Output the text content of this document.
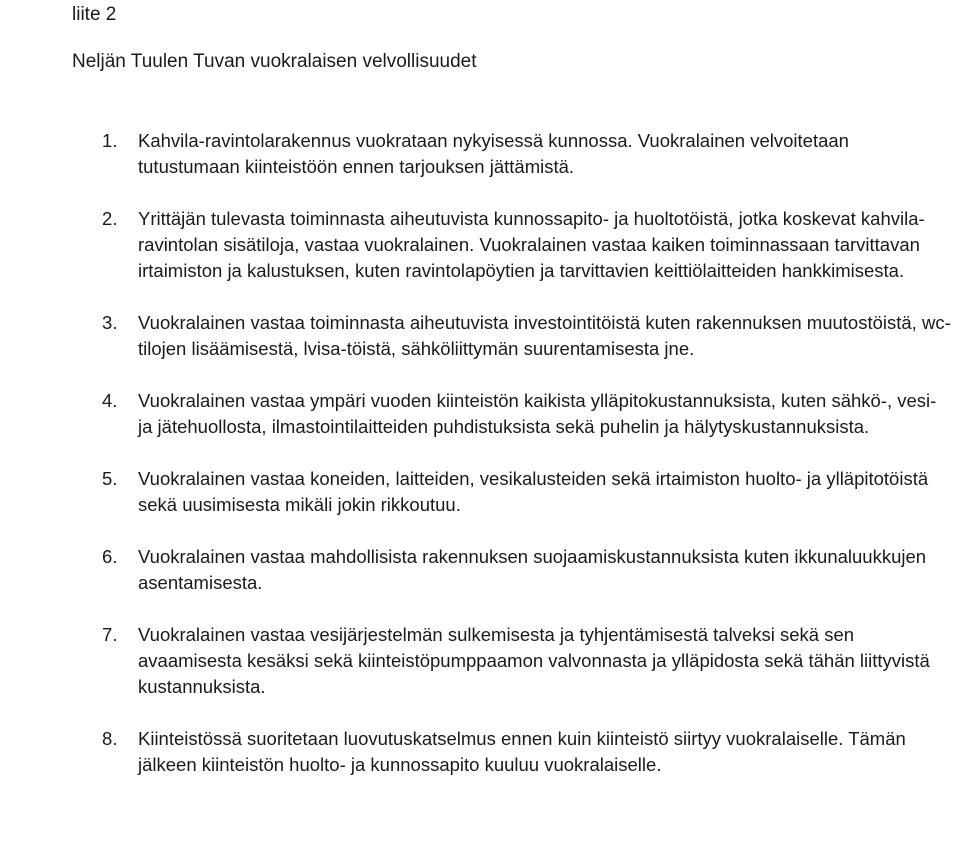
liite 2
Neljän Tuulen Tuvan vuokralaisen velvollisuudet
1. Kahvila-ravintolarakennus vuokrataan nykyisessä kunnossa. Vuokralainen velvoitetaan tutustumaan kiinteistöön ennen tarjouksen jättämistä.
2. Yrittäjän tulevasta toiminnasta aiheutuvista kunnossapito- ja huoltotöistä, jotka koskevat kahvila-ravintolan sisätiloja, vastaa vuokralainen. Vuokralainen vastaa kaiken toiminnassaan tarvittavan irtaimiston ja kalustuksen, kuten ravintolapöytien ja tarvittavien keittiölaitteiden hankkimisesta.
3. Vuokralainen vastaa toiminnasta aiheutuvista investointitöistä kuten rakennuksen muutostöistä, wc-tilojen lisäämisestä, lvisa-töistä, sähköliittymän suurentamisesta jne.
4. Vuokralainen vastaa ympäri vuoden kiinteistön kaikista ylläpitokustannuksista, kuten sähkö-, vesi- ja jätehuollosta, ilmastointilaitteiden puhdistuksista sekä puhelin ja hälytyskustannuksista.
5. Vuokralainen vastaa koneiden, laitteiden, vesikalusteiden sekä irtaimiston huolto- ja ylläpitotöistä sekä uusimisesta mikäli jokin rikkoutuu.
6. Vuokralainen vastaa mahdollisista rakennuksen suojaamiskustannuksista kuten ikkunaluukkujen asentamisesta.
7. Vuokralainen vastaa vesijärjestelmän sulkemisesta ja tyhjentämisestä talveksi sekä sen avaamisesta kesäksi sekä kiinteistöpumppaamon valvonnasta ja ylläpidosta sekä tähän liittyvistä kustannuksista.
8. Kiinteistössä suoritetaan luovutuskatselmus ennen kuin kiinteistö siirtyy vuokralaiselle. Tämän jälkeen kiinteistön huolto- ja kunnossapito kuuluu vuokralaiselle.
